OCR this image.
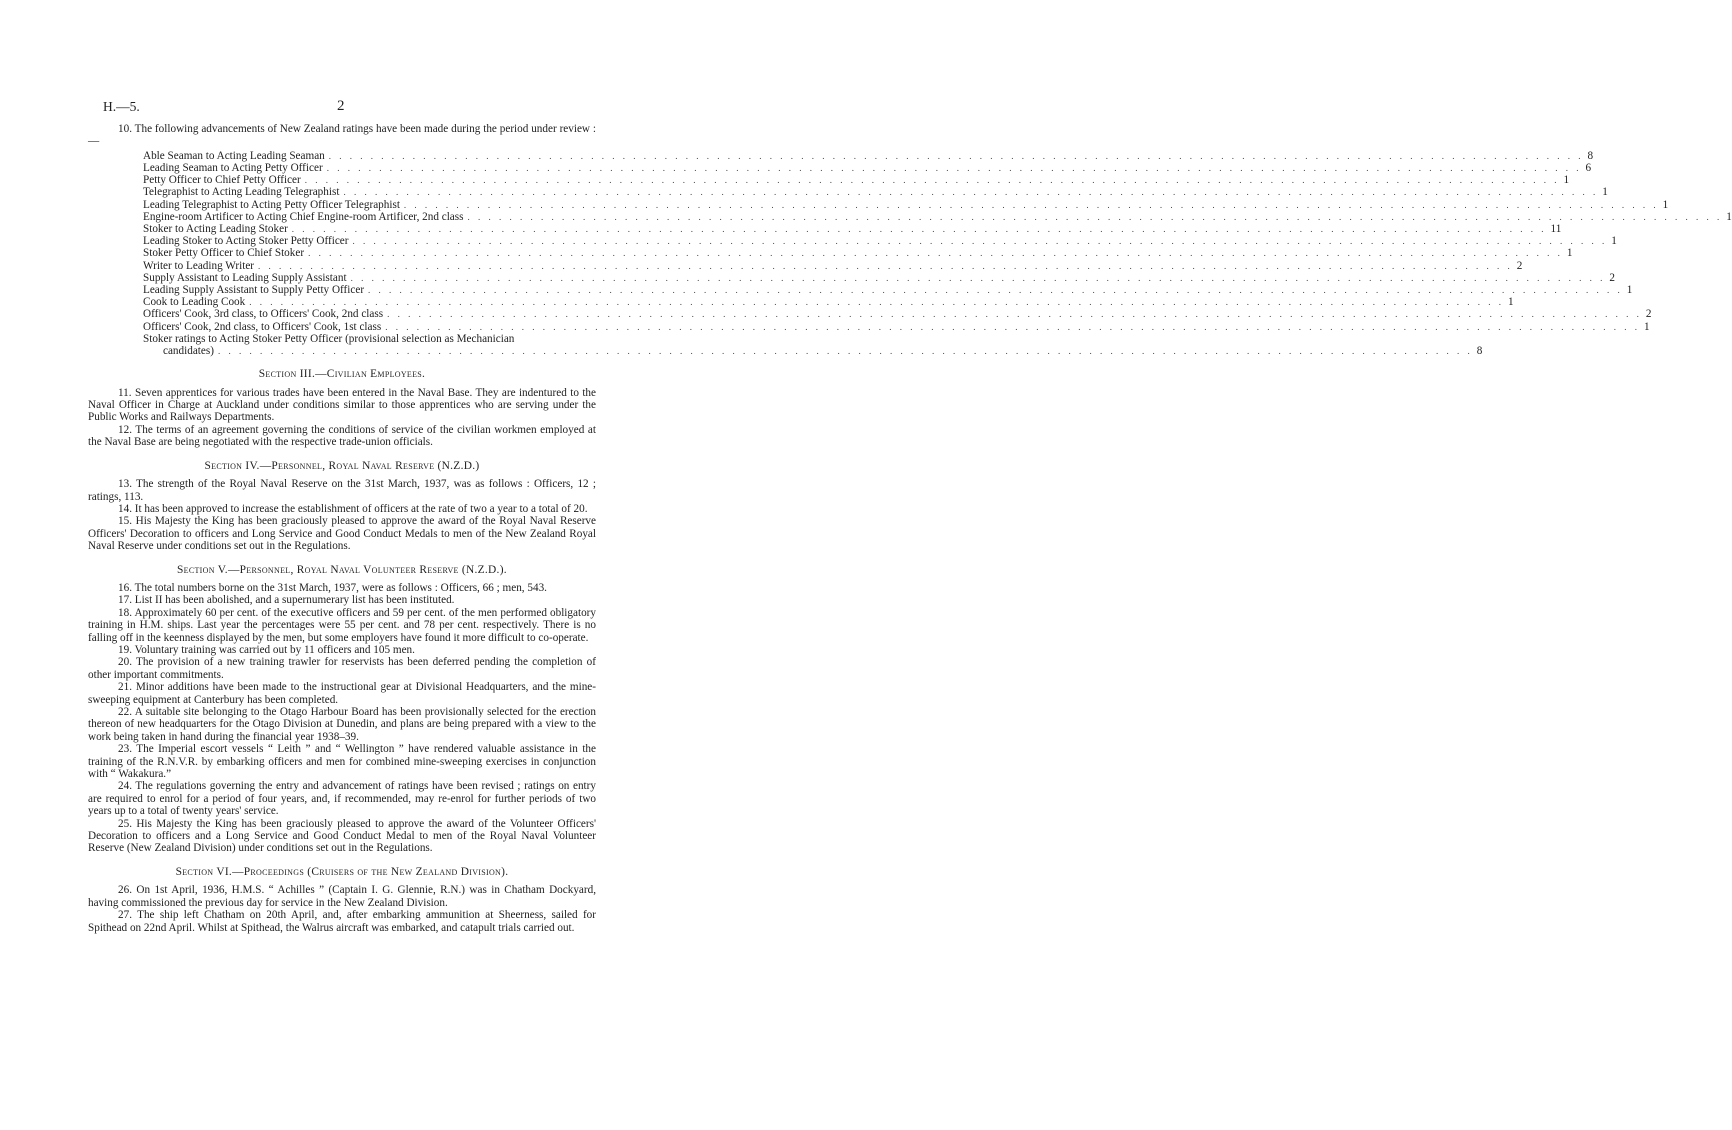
H.—5.	2

10. The following advancements of New Zealand ratings have been made during the period under review :—

Able Seaman to Acting Leading Seaman . . . . . . . . . . . . . . . . . . . . . . . . . . . . . . . . . . . . . . . . . . . . . . . . . . . . . . . . . . . . . . . . . . . . . . . . . . . . . . . . . . . . . . . . . . . . . . . . . . . . . . . . . . . . . . . . . . . . . . . . 8
Leading Seaman to Acting Petty Officer . . . . . . . . . . . . . . . . . . . . . . . . . . . . . . . . . . . . . . . . . . . . . . . . . . . . . . . . . . . . . . . . . . . . . . . . . . . . . . . . . . . . . . . . . . . . . . . . . . . . . . . . . . . . . . . . . . . . . . . . 6
Petty Officer to Chief Petty Officer . . . . . . . . . . . . . . . . . . . . . . . . . . . . . . . . . . . . . . . . . . . . . . . . . . . . . . . . . . . . . . . . . . . . . . . . . . . . . . . . . . . . . . . . . . . . . . . . . . . . . . . . . . . . . . . . . . . . . . . . 1
Telegraphist to Acting Leading Telegraphist . . . . . . . . . . . . . . . . . . . . . . . . . . . . . . . . . . . . . . . . . . . . . . . . . . . . . . . . . . . . . . . . . . . . . . . . . . . . . . . . . . . . . . . . . . . . . . . . . . . . . . . . . . . . . . . . . . . . . . . . 1
Leading Telegraphist to Acting Petty Officer Telegraphist . . . . . . . . . . . . . . . . . . . . . . . . . . . . . . . . . . . . . . . . . . . . . . . . . . . . . . . . . . . . . . . . . . . . . . . . . . . . . . . . . . . . . . . . . . . . . . . . . . . . . . . . . . . . . . . . . . . . . . . . 1
Engine-room Artificer to Acting Chief Engine-room Artificer, 2nd class . . . . . . . . . . . . . . . . . . . . . . . . . . . . . . . . . . . . . . . . . . . . . . . . . . . . . . . . . . . . . . . . . . . . . . . . . . . . . . . . . . . . . . . . . . . . . . . . . . . . . . . . . . . . . . . . . . . . . . . . 1
Stoker to Acting Leading Stoker . . . . . . . . . . . . . . . . . . . . . . . . . . . . . . . . . . . . . . . . . . . . . . . . . . . . . . . . . . . . . . . . . . . . . . . . . . . . . . . . . . . . . . . . . . . . . . . . . . . . . . . . . . . . . . . . . . . . . . . . 11
Leading Stoker to Acting Stoker Petty Officer . . . . . . . . . . . . . . . . . . . . . . . . . . . . . . . . . . . . . . . . . . . . . . . . . . . . . . . . . . . . . . . . . . . . . . . . . . . . . . . . . . . . . . . . . . . . . . . . . . . . . . . . . . . . . . . . . . . . . . . . 1
Stoker Petty Officer to Chief Stoker . . . . . . . . . . . . . . . . . . . . . . . . . . . . . . . . . . . . . . . . . . . . . . . . . . . . . . . . . . . . . . . . . . . . . . . . . . . . . . . . . . . . . . . . . . . . . . . . . . . . . . . . . . . . . . . . . . . . . . . . 1
Writer to Leading Writer . . . . . . . . . . . . . . . . . . . . . . . . . . . . . . . . . . . . . . . . . . . . . . . . . . . . . . . . . . . . . . . . . . . . . . . . . . . . . . . . . . . . . . . . . . . . . . . . . . . . . . . . . . . . . . . . . . . . . . . . 2
Supply Assistant to Leading Supply Assistant . . . . . . . . . . . . . . . . . . . . . . . . . . . . . . . . . . . . . . . . . . . . . . . . . . . . . . . . . . . . . . . . . . . . . . . . . . . . . . . . . . . . . . . . . . . . . . . . . . . . . . . . . . . . . . . . . . . . . . . . 2
Leading Supply Assistant to Supply Petty Officer . . . . . . . . . . . . . . . . . . . . . . . . . . . . . . . . . . . . . . . . . . . . . . . . . . . . . . . . . . . . . . . . . . . . . . . . . . . . . . . . . . . . . . . . . . . . . . . . . . . . . . . . . . . . . . . . . . . . . . . . 1
Cook to Leading Cook . . . . . . . . . . . . . . . . . . . . . . . . . . . . . . . . . . . . . . . . . . . . . . . . . . . . . . . . . . . . . . . . . . . . . . . . . . . . . . . . . . . . . . . . . . . . . . . . . . . . . . . . . . . . . . . . . . . . . . . . 1
Officers' Cook, 3rd class, to Officers' Cook, 2nd class . . . . . . . . . . . . . . . . . . . . . . . . . . . . . . . . . . . . . . . . . . . . . . . . . . . . . . . . . . . . . . . . . . . . . . . . . . . . . . . . . . . . . . . . . . . . . . . . . . . . . . . . . . . . . . . . . . . . . . . . 2
Officers' Cook, 2nd class, to Officers' Cook, 1st class . . . . . . . . . . . . . . . . . . . . . . . . . . . . . . . . . . . . . . . . . . . . . . . . . . . . . . . . . . . . . . . . . . . . . . . . . . . . . . . . . . . . . . . . . . . . . . . . . . . . . . . . . . . . . . . . . . . . . . . . 1
Stoker ratings to Acting Stoker Petty Officer (provisional selection as Mechanician
candidates) . . . . . . . . . . . . . . . . . . . . . . . . . . . . . . . . . . . . . . . . . . . . . . . . . . . . . . . . . . . . . . . . . . . . . . . . . . . . . . . . . . . . . . . . . . . . . . . . . . . . . . . . . . . . . . . . . . . . . . . . 8
Section III.—Civilian Employees.

11. Seven apprentices for various trades have been entered in the Naval Base. They are indentured to the Naval Officer in Charge at Auckland under conditions similar to those apprentices who are serving under the Public Works and Railways Departments.

12. The terms of an agreement governing the conditions of service of the civilian workmen employed at the Naval Base are being negotiated with the respective trade-union officials.

Section IV.—Personnel, Royal Naval Reserve (N.Z.D.)

13. The strength of the Royal Naval Reserve on the 31st March, 1937, was as follows : Officers, 12 ; ratings, 113.

14. It has been approved to increase the establishment of officers at the rate of two a year to a total of 20.

15. His Majesty the King has been graciously pleased to approve the award of the Royal Naval Reserve Officers' Decoration to officers and Long Service and Good Conduct Medals to men of the New Zealand Royal Naval Reserve under conditions set out in the Regulations.

Section V.—Personnel, Royal Naval Volunteer Reserve (N.Z.D.).

16. The total numbers borne on the 31st March, 1937, were as follows : Officers, 66 ; men, 543.

17. List II has been abolished, and a supernumerary list has been instituted.

18. Approximately 60 per cent. of the executive officers and 59 per cent. of the men performed obligatory training in H.M. ships. Last year the percentages were 55 per cent. and 78 per cent. respectively. There is no falling off in the keenness displayed by the men, but some employers have found it more difficult to co-operate.

19. Voluntary training was carried out by 11 officers and 105 men.

20. The provision of a new training trawler for reservists has been deferred pending the completion of other important commitments.

21. Minor additions have been made to the instructional gear at Divisional Headquarters, and the mine-sweeping equipment at Canterbury has been completed.

22. A suitable site belonging to the Otago Harbour Board has been provisionally selected for the erection thereon of new headquarters for the Otago Division at Dunedin, and plans are being prepared with a view to the work being taken in hand during the financial year 1938–39.

23. The Imperial escort vessels “ Leith ” and “ Wellington ” have rendered valuable assistance in the training of the R.N.V.R. by embarking officers and men for combined mine-sweeping exercises in conjunction with “ Wakakura.”

24. The regulations governing the entry and advancement of ratings have been revised ; ratings on entry are required to enrol for a period of four years, and, if recommended, may re-enrol for further periods of two years up to a total of twenty years' service.

25. His Majesty the King has been graciously pleased to approve the award of the Volunteer Officers' Decoration to officers and a Long Service and Good Conduct Medal to men of the Royal Naval Volunteer Reserve (New Zealand Division) under conditions set out in the Regulations.

Section VI.—Proceedings (Cruisers of the New Zealand Division).

26. On 1st April, 1936, H.M.S. “ Achilles ” (Captain I. G. Glennie, R.N.) was in Chatham Dockyard, having commissioned the previous day for service in the New Zealand Division.

27. The ship left Chatham on 20th April, and, after embarking ammunition at Sheerness, sailed for Spithead on 22nd April. Whilst at Spithead, the Walrus aircraft was embarked, and catapult trials carried out.
